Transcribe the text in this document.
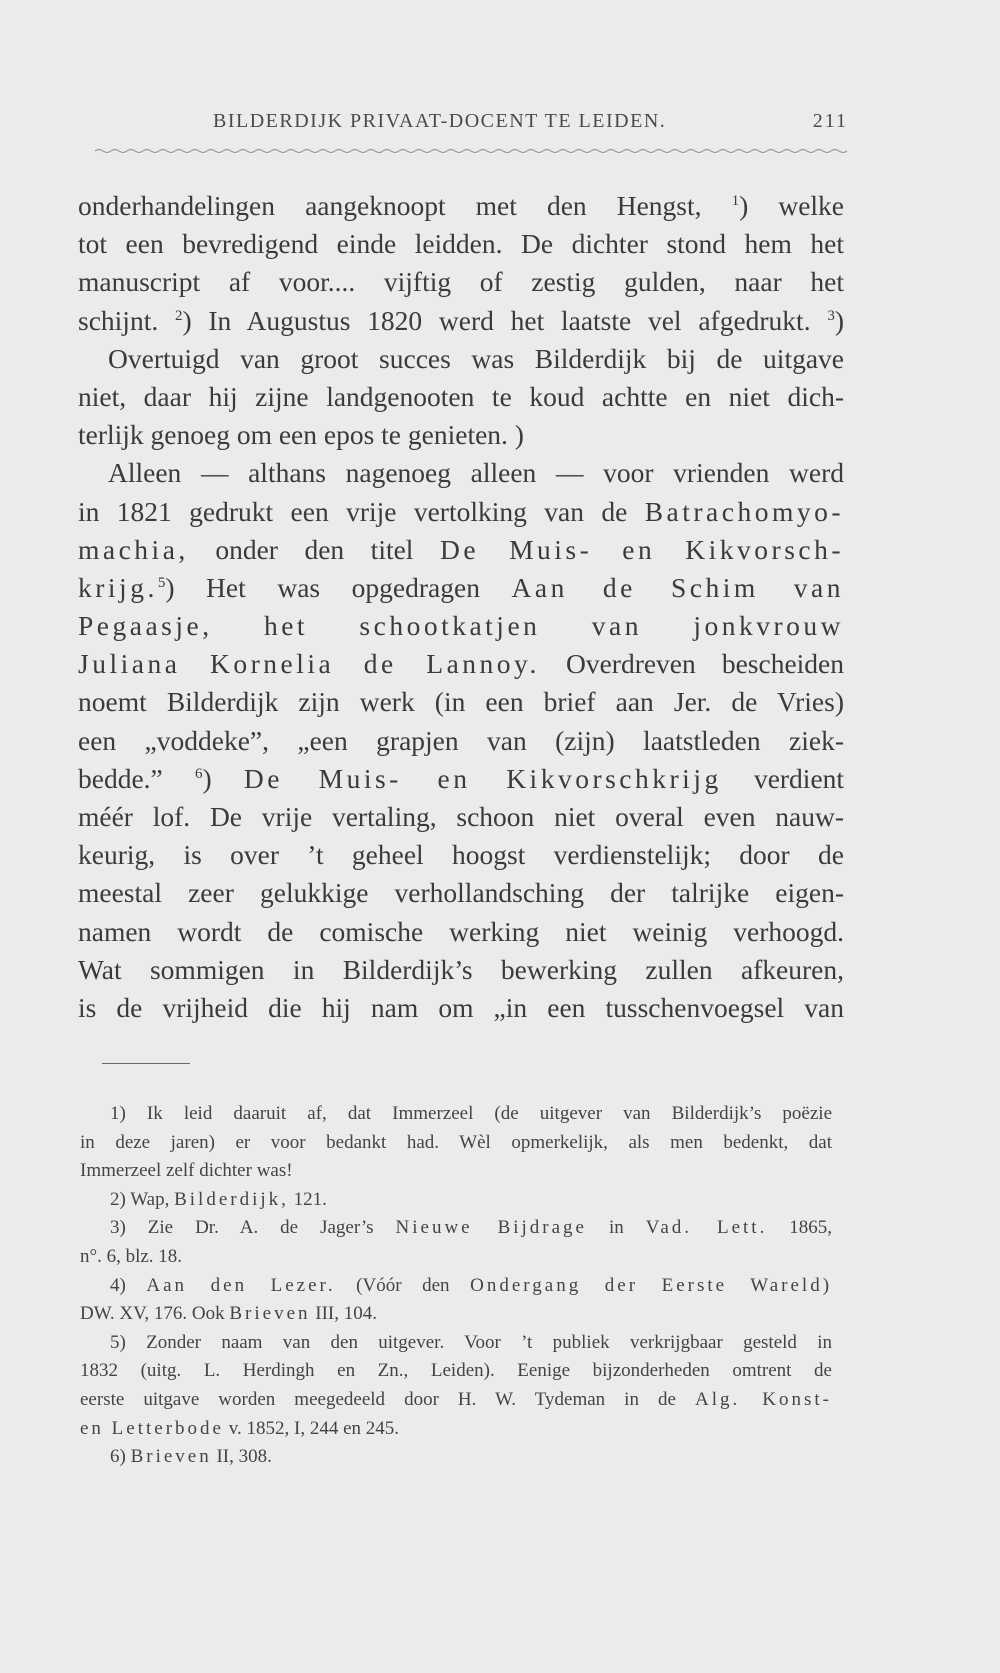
BILDERDIJK PRIVAAT-DOCENT TE LEIDEN.	211
onderhandelingen aangeknoopt met den Hengst, $^1$) welke
tot een bevredigend einde leidden. De dichter stond hem het
manuscript af voor.... vijftig of zestig gulden, naar het
schijnt. $^2$) In Augustus 1820 werd het laatste vel afgedrukt. $^3$)
Overtuigd van groot succes was Bilderdijk bij de uitgave
niet, daar hij zijne landgenooten te koud achtte en niet dich-
terlijk genoeg om een epos te genieten. )
Alleen — althans nagenoeg alleen — voor vrienden werd
in 1821 gedrukt een vrije vertolking van de Batrachomyo-
machia, onder den titel De Muis- en Kikvorsch-
krijg.$^5$) Het was opgedragen Aan de Schim van
Pegaasje, het schootkatjen van jonkvrouw
Juliana Kornelia de Lannoy. Overdreven bescheiden
noemt Bilderdijk zijn werk (in een brief aan Jer. de Vries)
een „voddeke”, „een grapjen van (zijn) laatstleden ziek-
bedde.” $^6$) De Muis- en Kikvorschkrijg verdient
méér lof. De vrije vertaling, schoon niet overal even nauw-
keurig, is over ’t geheel hoogst verdienstelijk; door de
meestal zeer gelukkige verhollandsching der talrijke eigen-
namen wordt de comische werking niet weinig verhoogd.
Wat sommigen in Bilderdijk’s bewerking zullen afkeuren,
is de vrijheid die hij nam om „in een tusschenvoegsel van
1) Ik leid daaruit af, dat Immerzeel (de uitgever van Bilderdijk’s poëzie
in deze jaren) er voor bedankt had. Wèl opmerkelijk, als men bedenkt, dat
Immerzeel zelf dichter was!
2) Wap, Bilderdijk, 121.
3) Zie Dr. A. de Jager’s Nieuwe Bijdrage in Vad. Lett. 1865,
n°. 6, blz. 18.
4) Aan den Lezer. (Vóór den Ondergang der Eerste Wareld)
DW. XV, 176. Ook Brieven III, 104.
5) Zonder naam van den uitgever. Voor ’t publiek verkrijgbaar gesteld in
1832 (uitg. L. Herdingh en Zn., Leiden). Eenige bijzonderheden omtrent de
eerste uitgave worden meegedeeld door H. W. Tydeman in de Alg. Konst-
en Letterbode v. 1852, I, 244 en 245.
6) Brieven II, 308.
